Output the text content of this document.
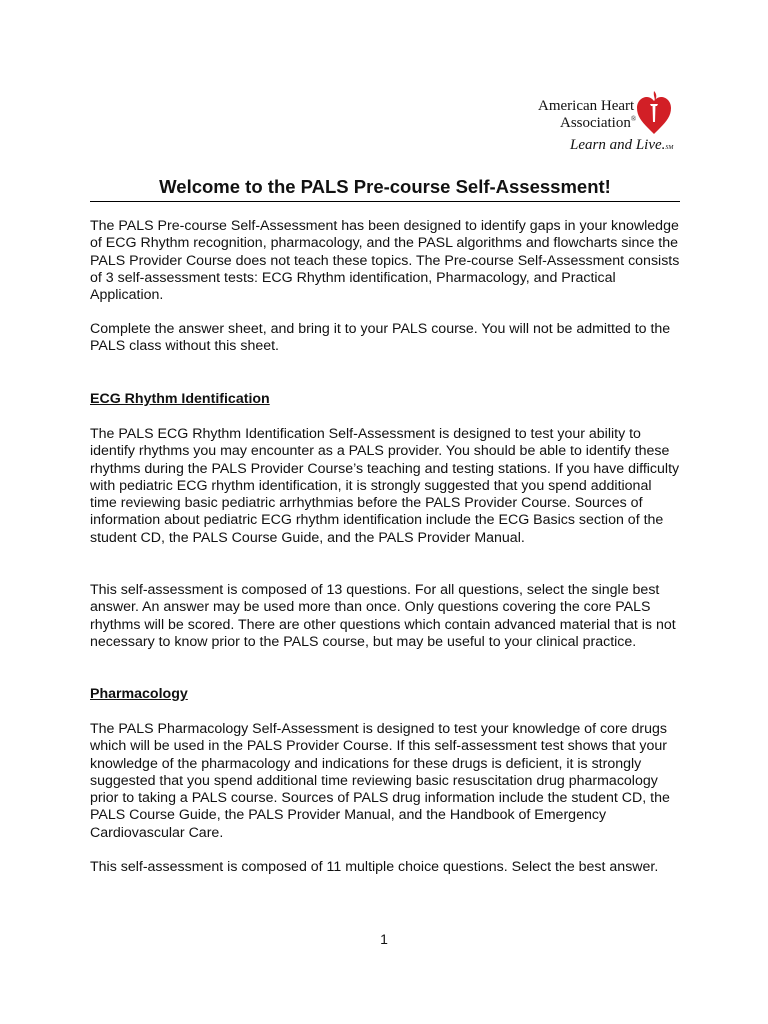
American Heart
Association®
Learn and Live.SM
Welcome to the PALS Pre-course Self-Assessment!

The PALS Pre-course Self-Assessment has been designed to identify gaps in your knowledge of ECG Rhythm recognition, pharmacology, and the PASL algorithms and flowcharts since the PALS Provider Course does not teach these topics. The Pre-course Self-Assessment consists of 3 self-assessment tests: ECG Rhythm identification, Pharmacology, and Practical Application.

Complete the answer sheet, and bring it to your PALS course. You will not be admitted to the PALS class without this sheet.

ECG Rhythm Identification

The PALS ECG Rhythm Identification Self-Assessment is designed to test your ability to identify rhythms you may encounter as a PALS provider. You should be able to identify these rhythms during the PALS Provider Course’s teaching and testing stations. If you have difficulty with pediatric ECG rhythm identification, it is strongly suggested that you spend additional time reviewing basic pediatric arrhythmias before the PALS Provider Course. Sources of information about pediatric ECG rhythm identification include the ECG Basics section of the student CD, the PALS Course Guide, and the PALS Provider Manual.

This self-assessment is composed of 13 questions. For all questions, select the single best answer. An answer may be used more than once. Only questions covering the core PALS rhythms will be scored. There are other questions which contain advanced material that is not necessary to know prior to the PALS course, but may be useful to your clinical practice.

Pharmacology

The PALS Pharmacology Self-Assessment is designed to test your knowledge of core drugs which will be used in the PALS Provider Course. If this self-assessment test shows that your knowledge of the pharmacology and indications for these drugs is deficient, it is strongly suggested that you spend additional time reviewing basic resuscitation drug pharmacology prior to taking a PALS course. Sources of PALS drug information include the student CD, the PALS Course Guide, the PALS Provider Manual, and the Handbook of Emergency Cardiovascular Care.

This self-assessment is composed of 11 multiple choice questions. Select the best answer.

1
